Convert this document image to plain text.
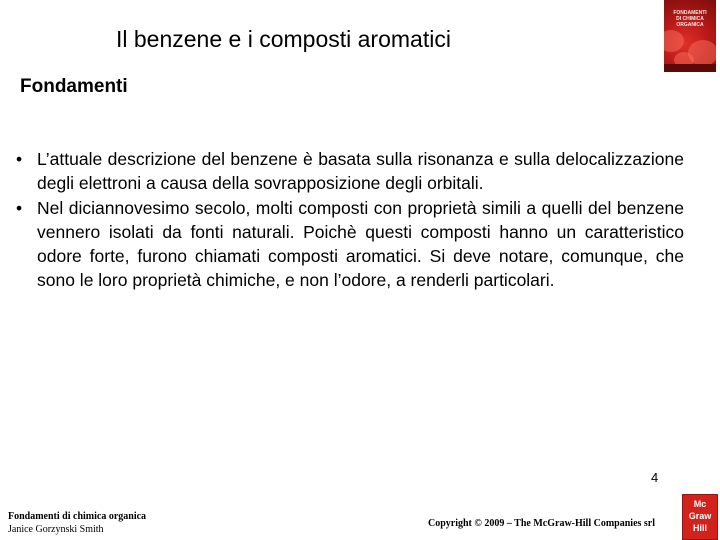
Il benzene e i composti aromatici
FONDAMENTI
DI CHIMICA
ORGANICA
Fondamenti
• L’attuale descrizione del benzene è basata sulla risonanza e sulla delocalizzazione degli elettroni a causa della sovrapposizione degli orbitali.
• Nel diciannovesimo secolo, molti composti con proprietà simili a quelli del benzene vennero isolati da fonti naturali. Poichè questi composti hanno un caratteristico odore forte, furono chiamati composti aromatici. Si deve notare, comunque, che sono le loro proprietà chimiche, e non l’odore, a renderli particolari.
Fondamenti di chimica organica
Janice Gorzynski Smith
4
Copyright © 2009 – The McGraw-Hill Companies srl
Mc
Graw
Hill
